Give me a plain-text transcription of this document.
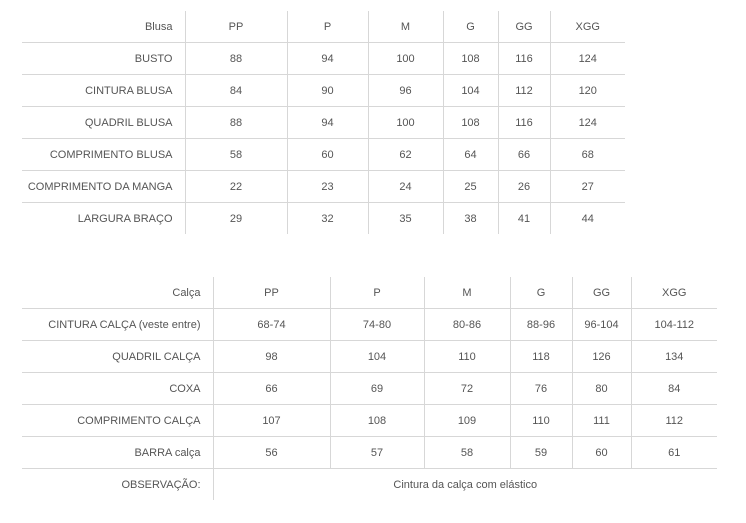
Blusa	PP	P	M	G	GG	XGG
BUSTO	88	94	100	108	116	124
CINTURA BLUSA	84	90	96	104	112	120
QUADRIL BLUSA	88	94	100	108	116	124
COMPRIMENTO BLUSA	58	60	62	64	66	68
COMPRIMENTO DA MANGA	22	23	24	25	26	27
LARGURA BRAÇO	29	32	35	38	41	44
Calça	PP	P	M	G	GG	XGG
CINTURA CALÇA (veste entre)	68-74	74-80	80-86	88-96	96-104	104-112
QUADRIL CALÇA	98	104	110	118	126	134
COXA	66	69	72	76	80	84
COMPRIMENTO CALÇA	107	108	109	110	111	112
BARRA calça	56	57	58	59	60	61
OBSERVAÇÃO:	Cintura da calça com elástico					
